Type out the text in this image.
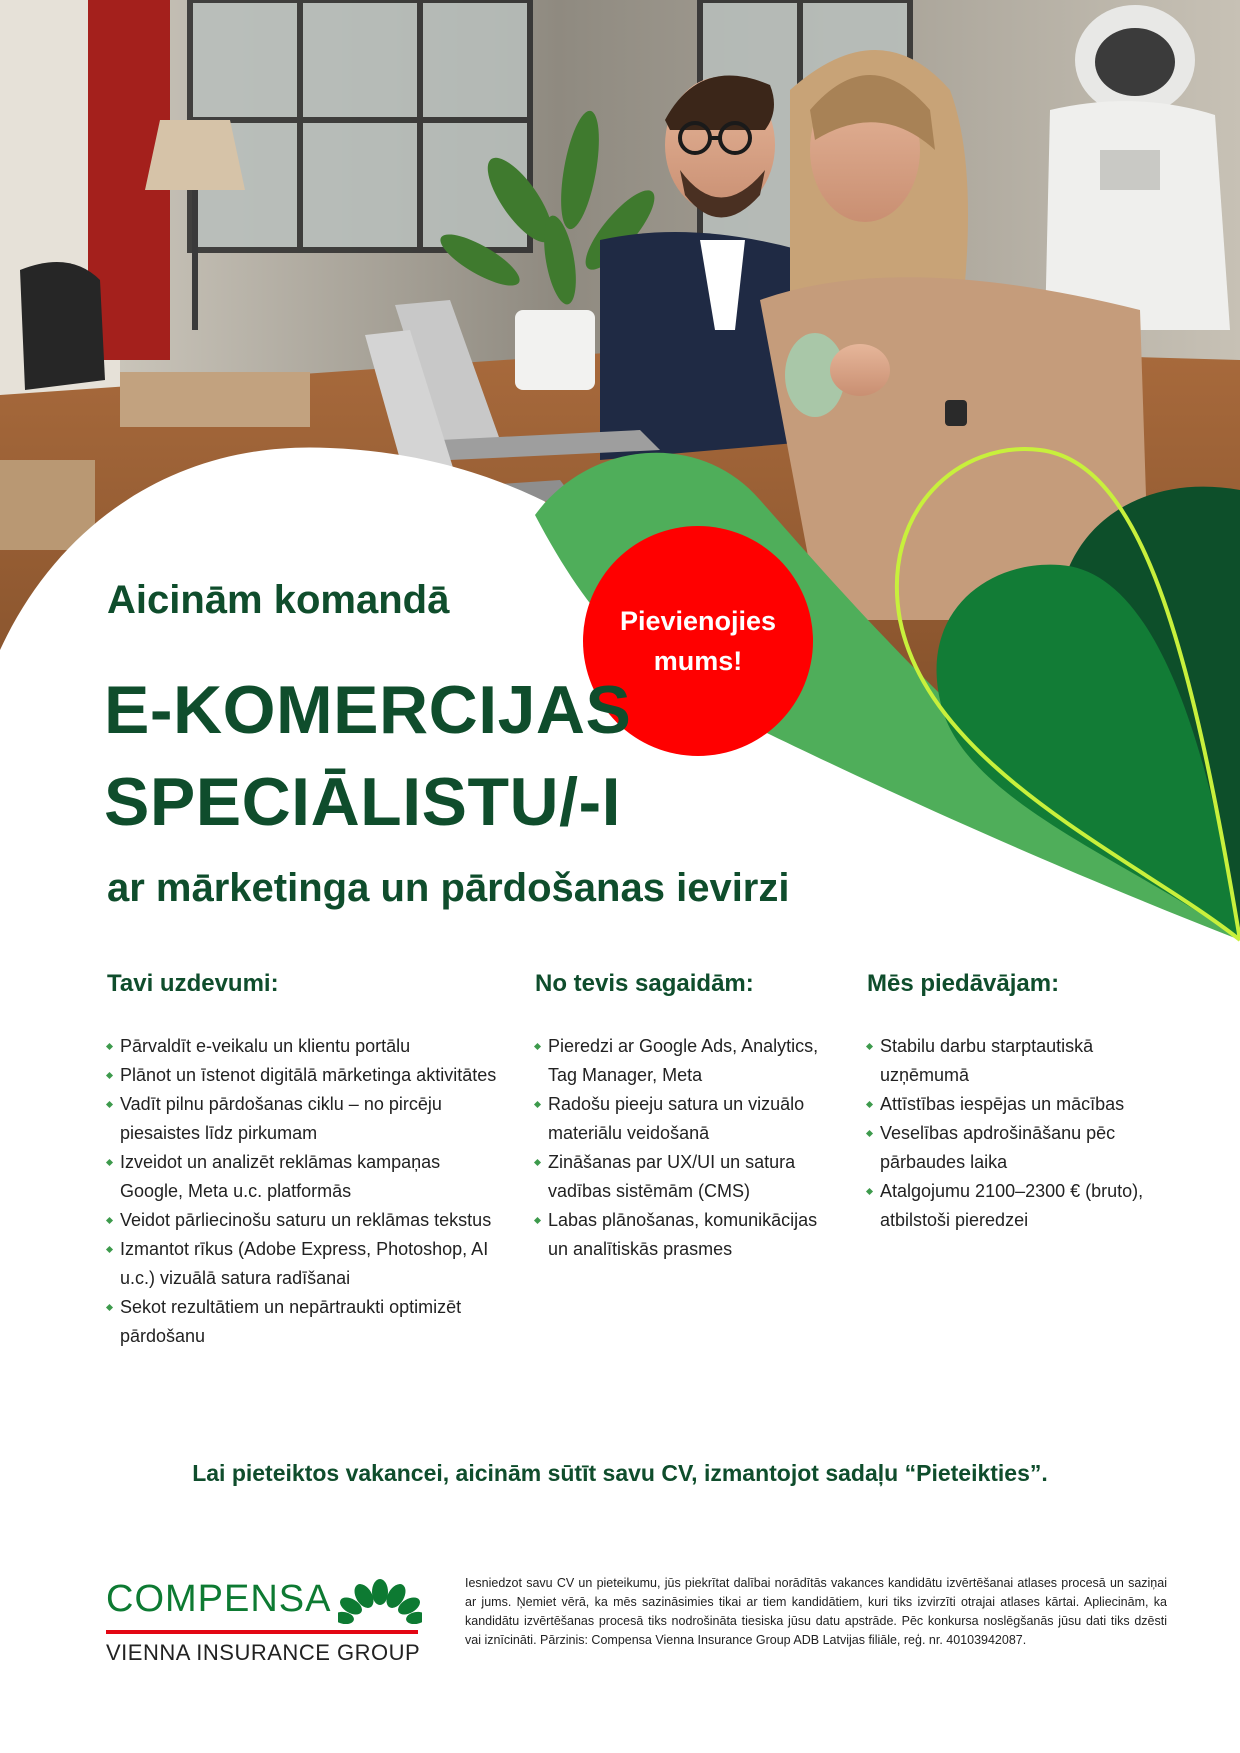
Pievienojies
mums!
Aicinām komandā
E-KOMERCIJAS
SPECIĀLISTU/-I
ar mārketinga un pārdošanas ievirzi
Tavi uzdevumi:
Pārvaldīt e-veikalu un klientu portālu
Plānot un īstenot digitālā mārketinga aktivitātes
Vadīt pilnu pārdošanas ciklu – no pircēju piesaistes līdz pirkumam
Izveidot un analizēt reklāmas kampaņas Google, Meta u.c. platformās
Veidot pārliecinošu saturu un reklāmas tekstus
Izmantot rīkus (Adobe Express, Photoshop, AI u.c.) vizuālā satura radīšanai
Sekot rezultātiem un nepārtraukti optimizēt pārdošanu
No tevis sagaidām:
Pieredzi ar Google Ads, Analytics, Tag Manager, Meta
Radošu pieeju satura un vizuālo materiālu veidošanā
Zināšanas par UX/UI un satura vadības sistēmām (CMS)
Labas plānošanas, komunikācijas un analītiskās prasmes
Mēs piedāvājam:
Stabilu darbu starptautiskā uzņēmumā
Attīstības iespējas un mācības
Veselības apdrošināšanu pēc pārbaudes laika
Atalgojumu 2100–2300 € (bruto), atbilstoši pieredzei
Lai pieteiktos vakancei, aicinām sūtīt savu CV, izmantojot sadaļu “Pieteikties”.
COMPENSA
VIENNA INSURANCE GROUP

Iesniedzot savu CV un pieteikumu, jūs piekrītat dalībai norādītās vakances kandidātu izvērtēšanai atlases procesā un saziņai ar jums. Ņemiet vērā, ka mēs sazināsimies tikai ar tiem kandidātiem, kuri tiks izvirzīti otrajai atlases kārtai. Apliecinām, ka kandidātu izvērtēšanas procesā tiks nodrošināta tiesiska jūsu datu apstrāde. Pēc konkursa noslēgšanās jūsu dati tiks dzēsti vai iznīcināti. Pārzinis: Compensa Vienna Insurance Group ADB Latvijas filiāle, reģ. nr. 40103942087.
